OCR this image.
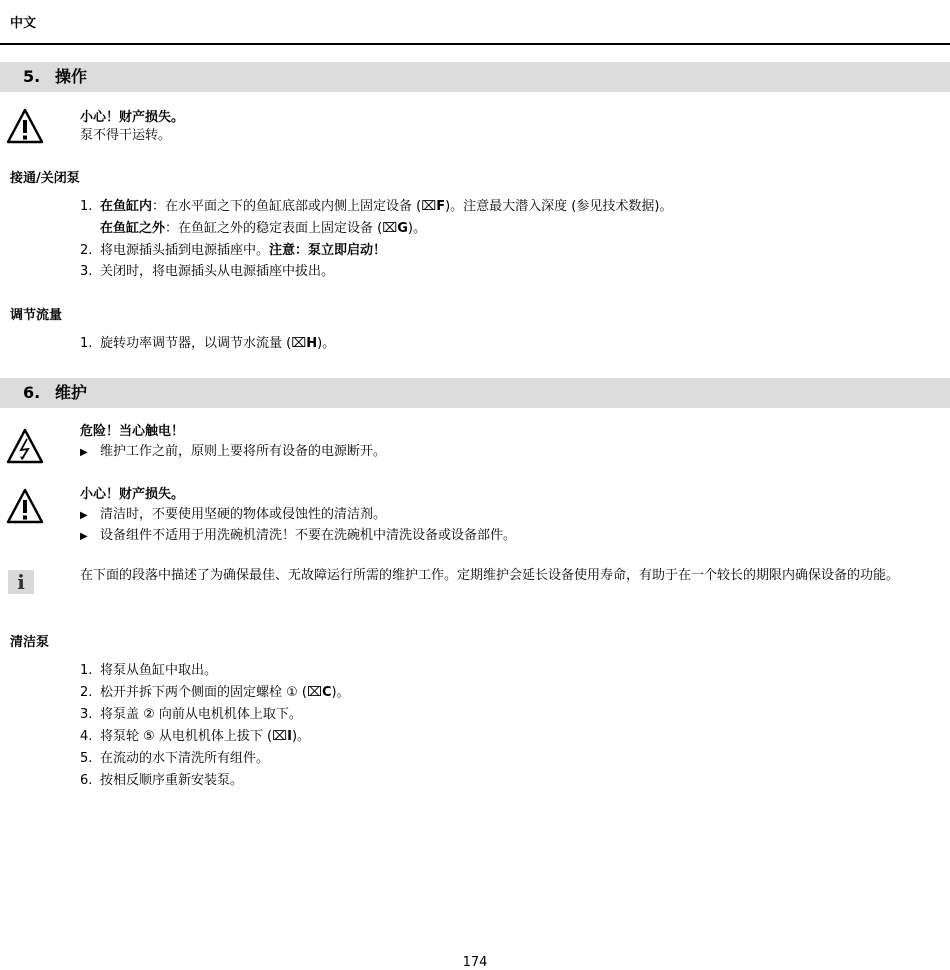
中文
5. 操作
小心！财产损失。
泵不得干运转。
接通/关闭泵
1. 在鱼缸内：在水平面之下的鱼缸底部或内侧上固定设备 (⌧F)。注意最大潜入深度 (参见技术数据)。
在鱼缸之外：在鱼缸之外的稳定表面上固定设备 (⌧G)。
2. 将电源插头插到电源插座中。注意：泵立即启动！
3. 关闭时，将电源插头从电源插座中拔出。
调节流量
1. 旋转功率调节器，以调节水流量 (⌧H)。
6. 维护
危险！当心触电！
▶ 维护工作之前，原则上要将所有设备的电源断开。
小心！财产损失。
▶ 清洁时，不要使用坚硬的物体或侵蚀性的清洁剂。
▶ 设备组件不适用于用洗碗机清洗！不要在洗碗机中清洗设备或设备部件。
i	在下面的段落中描述了为确保最佳、无故障运行所需的维护工作。定期维护会延长设备使用寿命，有助于在一个较长的期限内确保设备的功能。
清洁泵
1. 将泵从鱼缸中取出。
2. 松开并拆下两个侧面的固定螺栓 ① (⌧C)。
3. 将泵盖 ② 向前从电机机体上取下。
4. 将泵轮 ⑤ 从电机机体上拔下 (⌧I)。
5. 在流动的水下清洗所有组件。
6. 按相反顺序重新安装泵。
174
